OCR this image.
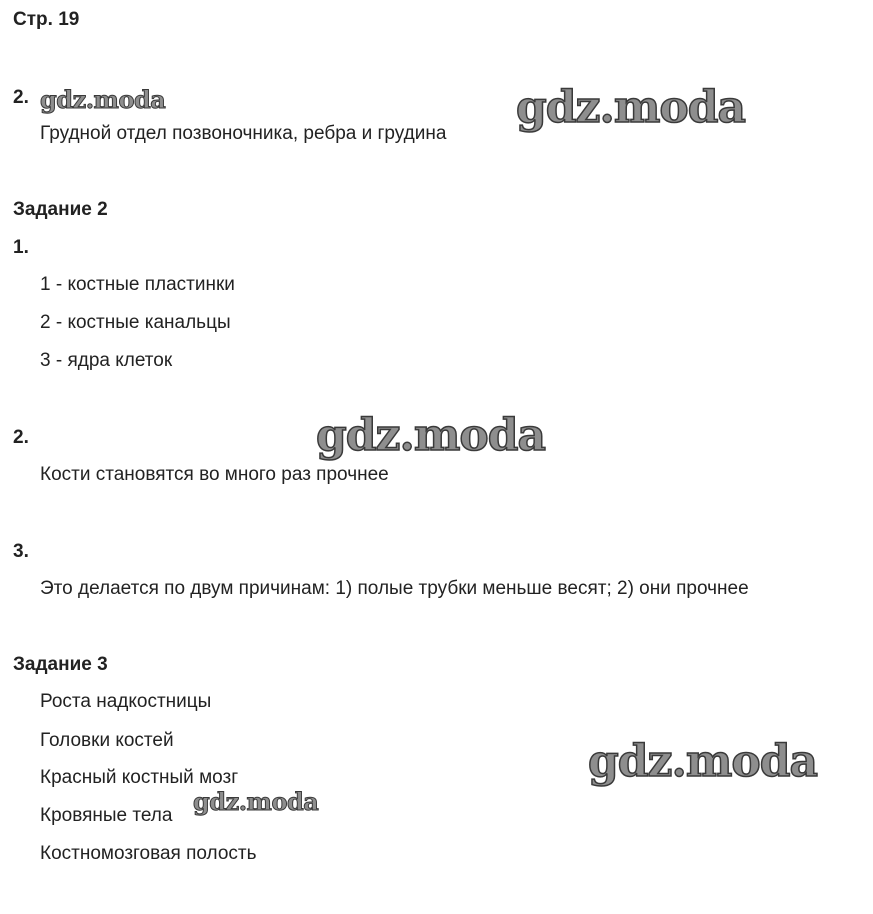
Стр. 19
2.
Грудной отдел позвоночника, ребра и грудина
Задание 2
1.
1 - костные пластинки
2 - костные канальцы
3 - ядра клеток
2.
Кости становятся во много раз прочнее
3.
Это делается по двум причинам: 1) полые трубки меньше весят; 2) они прочнее
Задание 3
Роста надкостницы
Головки костей
Красный костный мозг
Кровяные тела
Костномозговая полость
gdz.moda	gdz.moda
gdz.moda
gdz.moda
gdz.moda
